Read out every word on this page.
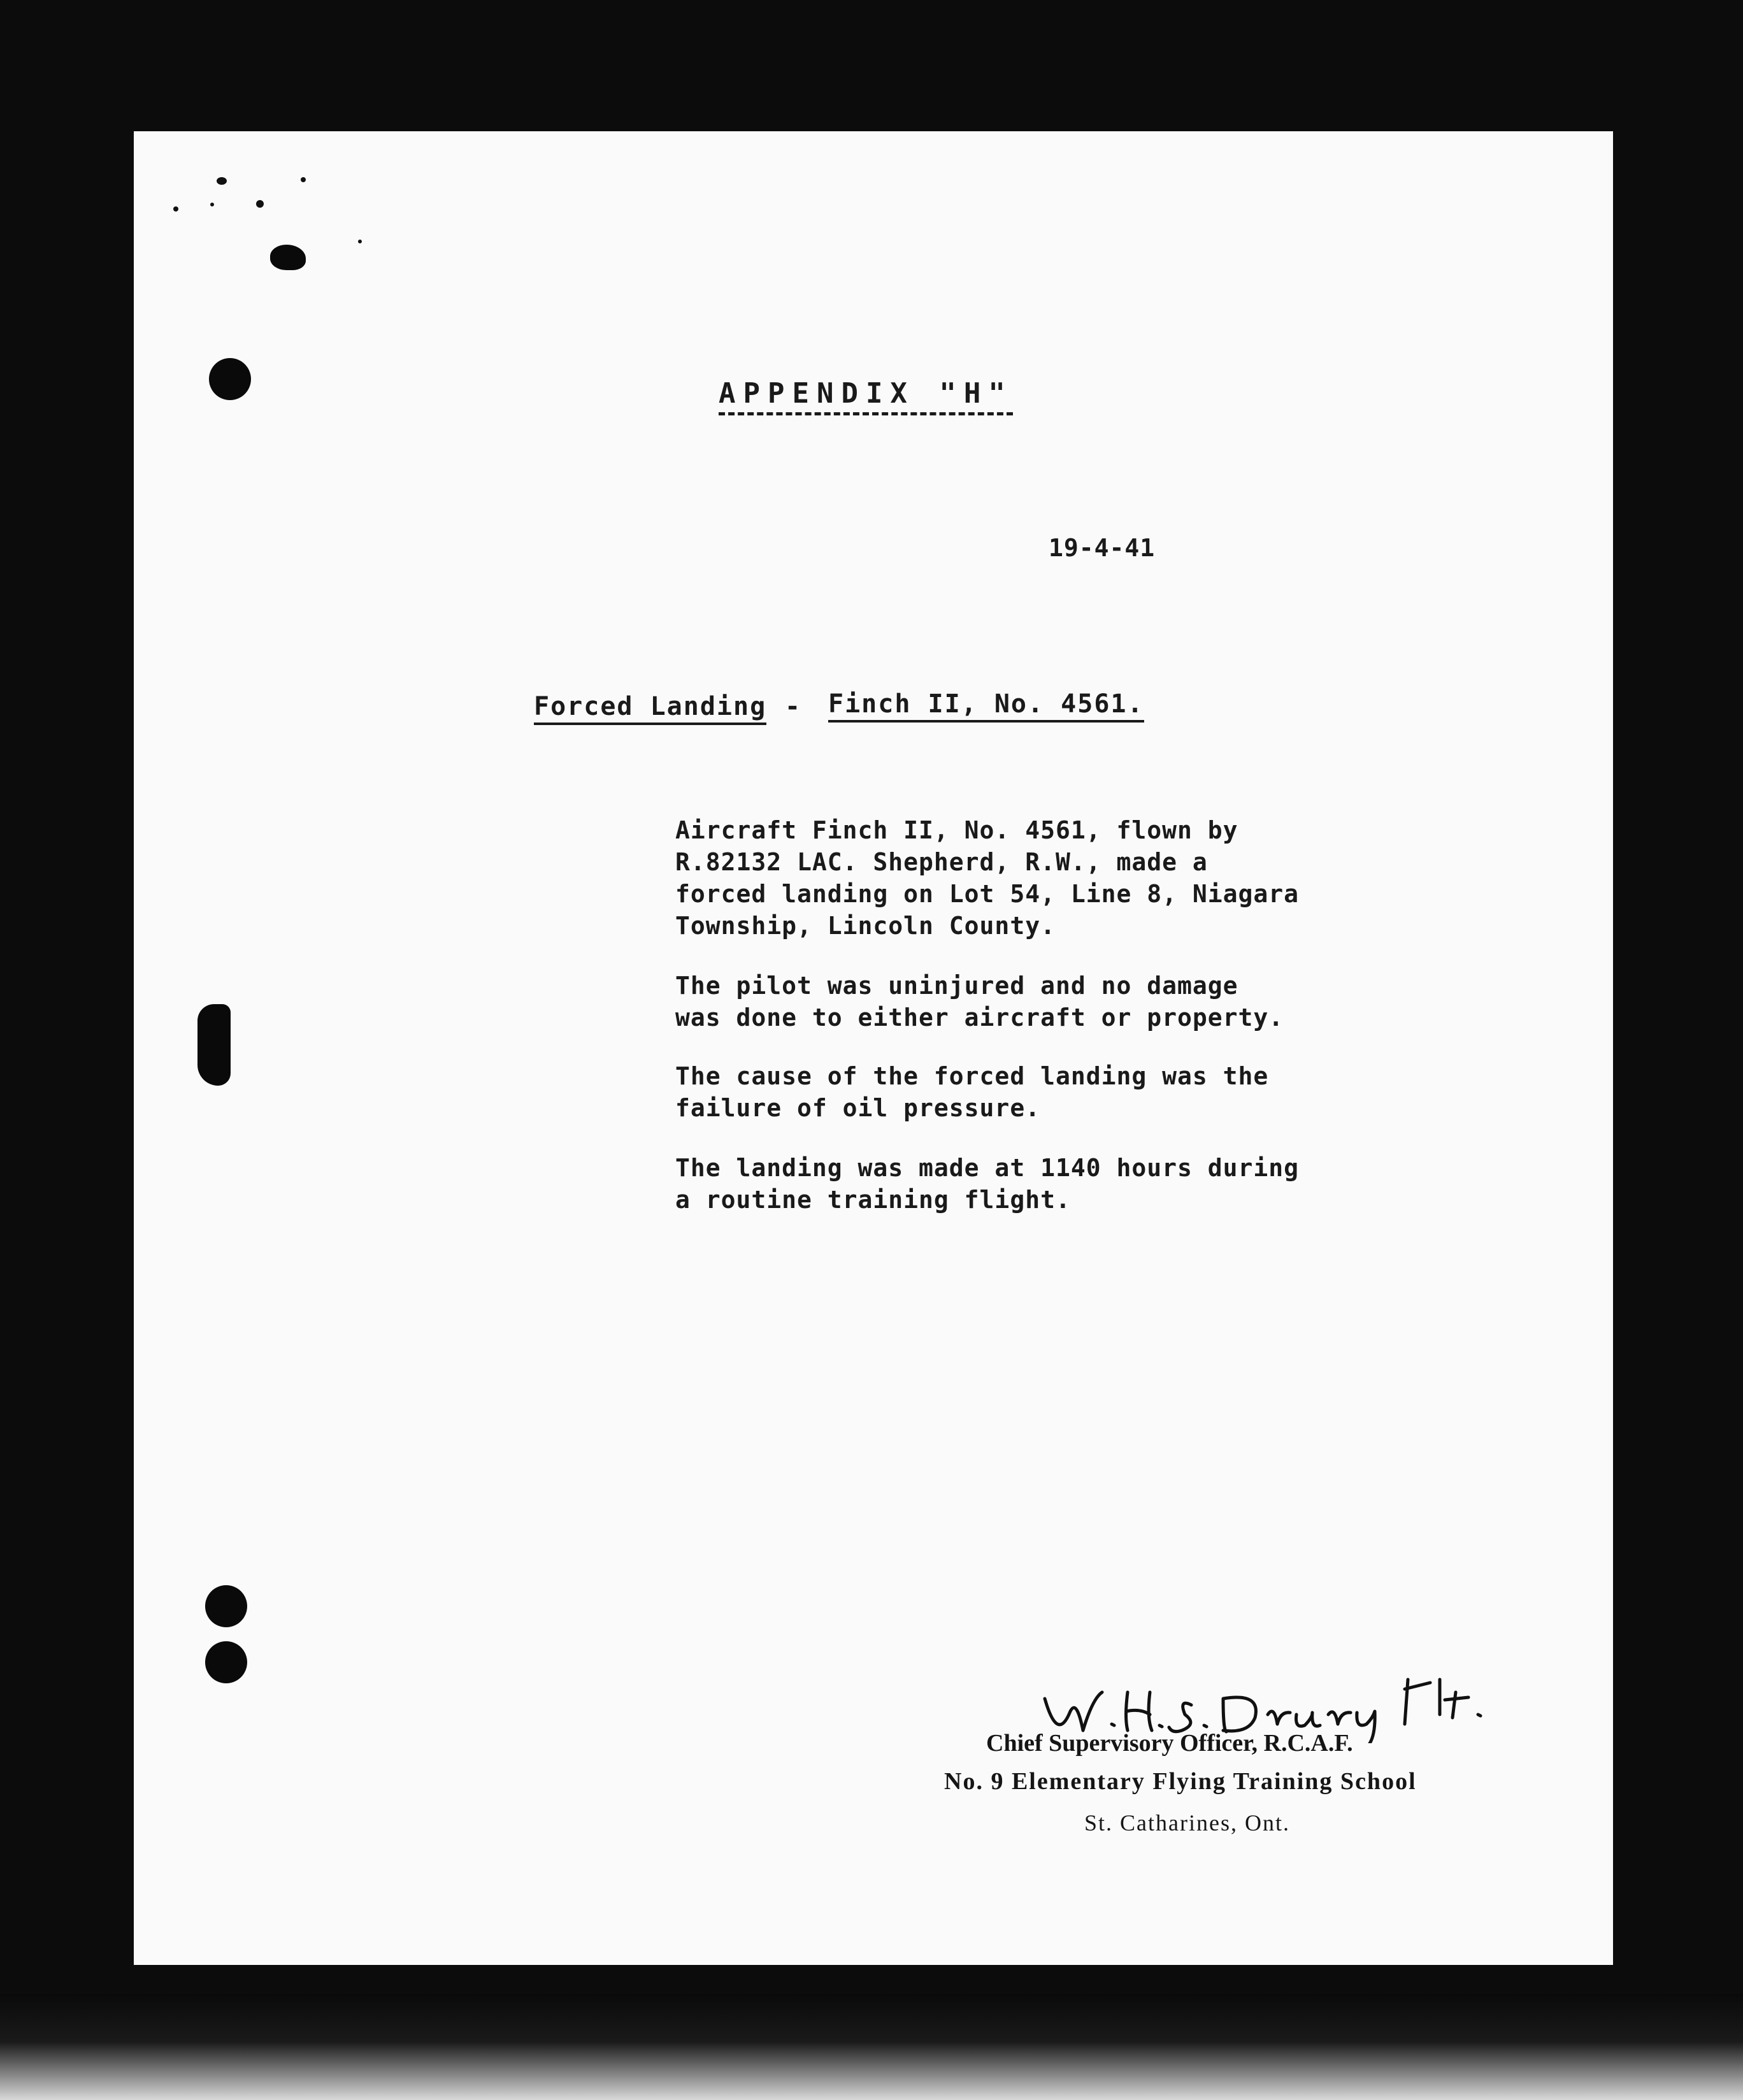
APPENDIX "H"
19-4-41
Forced Landing - Finch II, No. 4561.
Aircraft Finch II, No. 4561, flown by
R.82132 LAC. Shepherd, R.W., made a
forced landing on Lot 54, Line 8, Niagara
Township, Lincoln County.
The pilot was uninjured and no damage
was done to either aircraft or property.
The cause of the forced landing was the
failure of oil pressure.
The landing was made at 1140 hours during
a routine training flight.
Chief Supervisory Officer, R.C.A.F.
No. 9 Elementary Flying Training School
St. Catharines, Ont.
